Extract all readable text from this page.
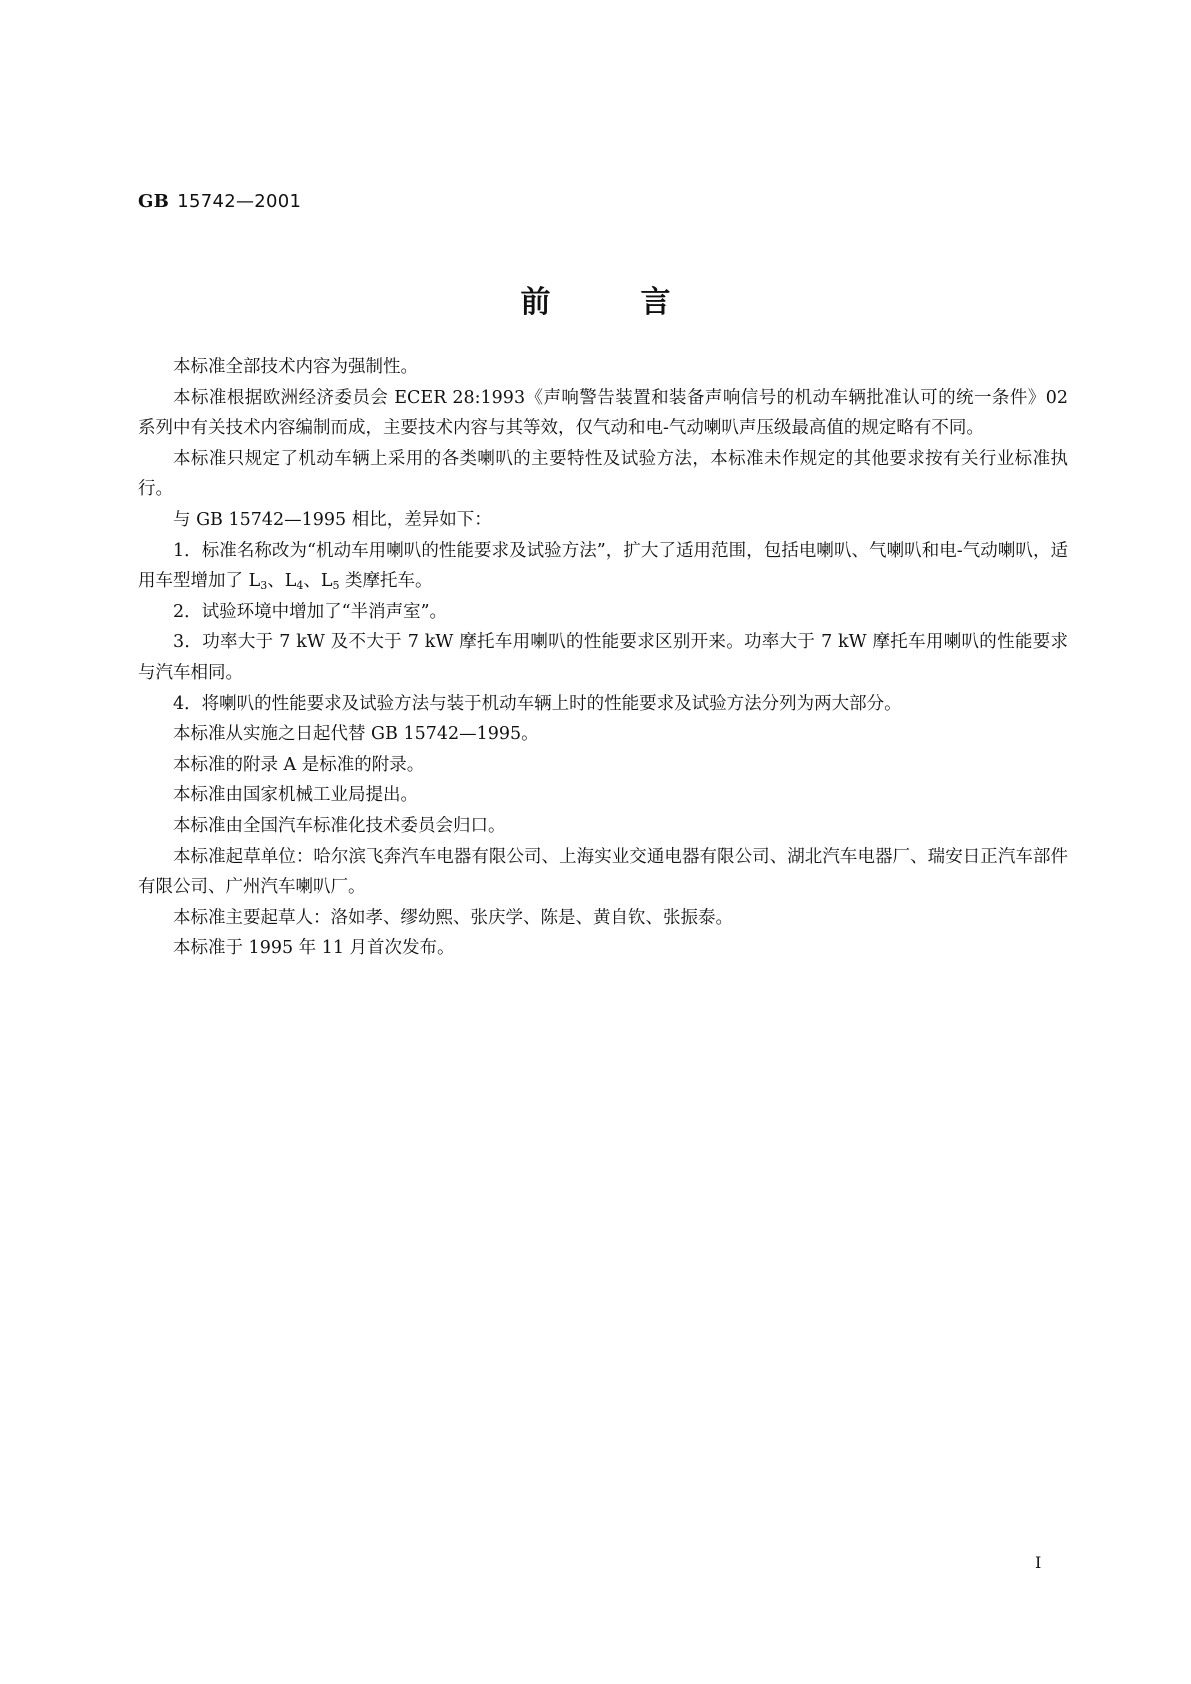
GB 15742—2001
前言

本标准全部技术内容为强制性。

本标准根据欧洲经济委员会 ECER 28:1993《声响警告装置和装备声响信号的机动车辆批准认可的统一条件》02 系列中有关技术内容编制而成，主要技术内容与其等效，仅气动和电-气动喇叭声压级最高值的规定略有不同。

本标准只规定了机动车辆上采用的各类喇叭的主要特性及试验方法，本标准未作规定的其他要求按有关行业标准执行。

与 GB 15742—1995 相比，差异如下：

1．标准名称改为“机动车用喇叭的性能要求及试验方法”，扩大了适用范围，包括电喇叭、气喇叭和电-气动喇叭，适用车型增加了 $L_3$、$L_4$、$L_5$ 类摩托车。

2．试验环境中增加了“半消声室”。

3．功率大于 7 kW 及不大于 7 kW 摩托车用喇叭的性能要求区别开来。功率大于 7 kW 摩托车用喇叭的性能要求与汽车相同。

4．将喇叭的性能要求及试验方法与装于机动车辆上时的性能要求及试验方法分列为两大部分。

本标准从实施之日起代替 GB 15742—1995。

本标准的附录 A 是标准的附录。

本标准由国家机械工业局提出。

本标准由全国汽车标准化技术委员会归口。

本标准起草单位：哈尔滨飞奔汽车电器有限公司、上海实业交通电器有限公司、湖北汽车电器厂、瑞安日正汽车部件有限公司、广州汽车喇叭厂。

本标准主要起草人：洛如孝、缪幼熙、张庆学、陈是、黄自钦、张振泰。

本标准于 1995 年 11 月首次发布。

I
